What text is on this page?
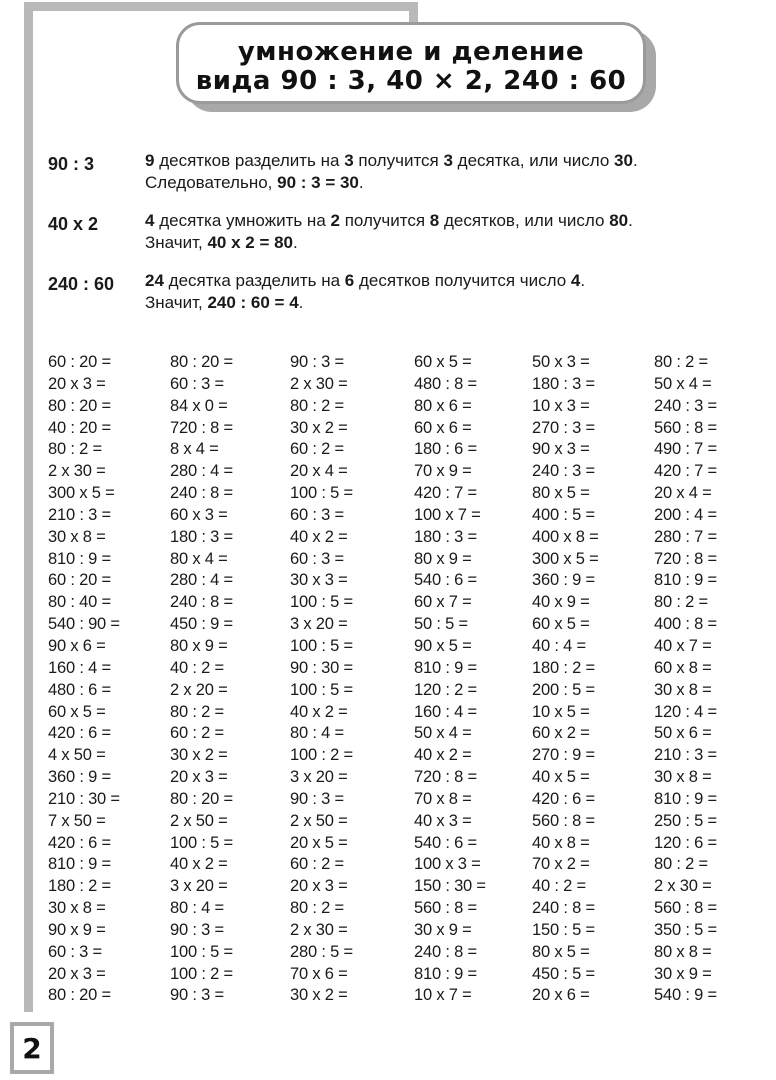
умножение и деление
вида 90 : 3, 40 × 2, 240 : 60
90 : 3	9 десятков разделить на 3 получится 3 десятка, или число 30.
Следовательно, 90 : 3 = 30.
40 x 2	4 десятка умножить на 2 получится 8 десятков, или число 80.
Значит, 40 x 2 = 80.
240 : 60 24 десятка разделить на 6 десятков получится число 4.
Значит, 240 : 60 = 4.
60 : 20 =
20 x 3 =
80 : 20 =
40 : 20 =
80 : 2 =
2 x 30 =
300 x 5 =
210 : 3 =
30 x 8 =
810 : 9 =
60 : 20 =
80 : 40 =
540 : 90 =
90 x 6 =
160 : 4 =
480 : 6 =
60 x 5 =
420 : 6 =
4 x 50 =
360 : 9 =
210 : 30 =
7 x 50 =
420 : 6 =
810 : 9 =
180 : 2 =
30 x 8 =
90 x 9 =
60 : 3 =
20 x 3 =
80 : 20 =
80 : 20 =
60 : 3 =
84 x 0 =
720 : 8 =
8 x 4 =
280 : 4 =
240 : 8 =
60 x 3 =
180 : 3 =
80 x 4 =
280 : 4 =
240 : 8 =
450 : 9 =
80 x 9 =
40 : 2 =
2 x 20 =
80 : 2 =
60 : 2 =
30 x 2 =
20 x 3 =
80 : 20 =
2 x 50 =
100 : 5 =
40 x 2 =
3 x 20 =
80 : 4 =
90 : 3 =
100 : 5 =
100 : 2 =
90 : 3 =
90 : 3 =
2 x 30 =
80 : 2 =
30 x 2 =
60 : 2 =
20 x 4 =
100 : 5 =
60 : 3 =
40 x 2 =
60 : 3 =
30 x 3 =
100 : 5 =
3 x 20 =
100 : 5 =
90 : 30 =
100 : 5 =
40 x 2 =
80 : 4 =
100 : 2 =
3 x 20 =
90 : 3 =
2 x 50 =
20 x 5 =
60 : 2 =
20 x 3 =
80 : 2 =
2 x 30 =
280 : 5 =
70 x 6 =
30 x 2 =
60 x 5 =
480 : 8 =
80 x 6 =
60 x 6 =
180 : 6 =
70 x 9 =
420 : 7 =
100 x 7 =
180 : 3 =
80 x 9 =
540 : 6 =
60 x 7 =
50 : 5 =
90 x 5 =
810 : 9 =
120 : 2 =
160 : 4 =
50 x 4 =
40 x 2 =
720 : 8 =
70 x 8 =
40 x 3 =
540 : 6 =
100 x 3 =
150 : 30 =
560 : 8 =
30 x 9 =
240 : 8 =
810 : 9 =
10 x 7 =
50 x 3 =
180 : 3 =
10 x 3 =
270 : 3 =
90 x 3 =
240 : 3 =
80 x 5 =
400 : 5 =
400 x 8 =
300 x 5 =
360 : 9 =
40 x 9 =
60 x 5 =
40 : 4 =
180 : 2 =
200 : 5 =
10 x 5 =
60 x 2 =
270 : 9 =
40 x 5 =
420 : 6 =
560 : 8 =
40 x 8 =
70 x 2 =
40 : 2 =
240 : 8 =
150 : 5 =
80 x 5 =
450 : 5 =
20 x 6 =
80 : 2 =
50 x 4 =
240 : 3 =
560 : 8 =
490 : 7 =
420 : 7 =
20 x 4 =
200 : 4 =
280 : 7 =
720 : 8 =
810 : 9 =
80 : 2 =
400 : 8 =
40 x 7 =
60 x 8 =
30 x 8 =
120 : 4 =
50 x 6 =
210 : 3 =
30 x 8 =
810 : 9 =
250 : 5 =
120 : 6 =
80 : 2 =
2 x 30 =
560 : 8 =
350 : 5 =
80 x 8 =
30 x 9 =
540 : 9 =
2
